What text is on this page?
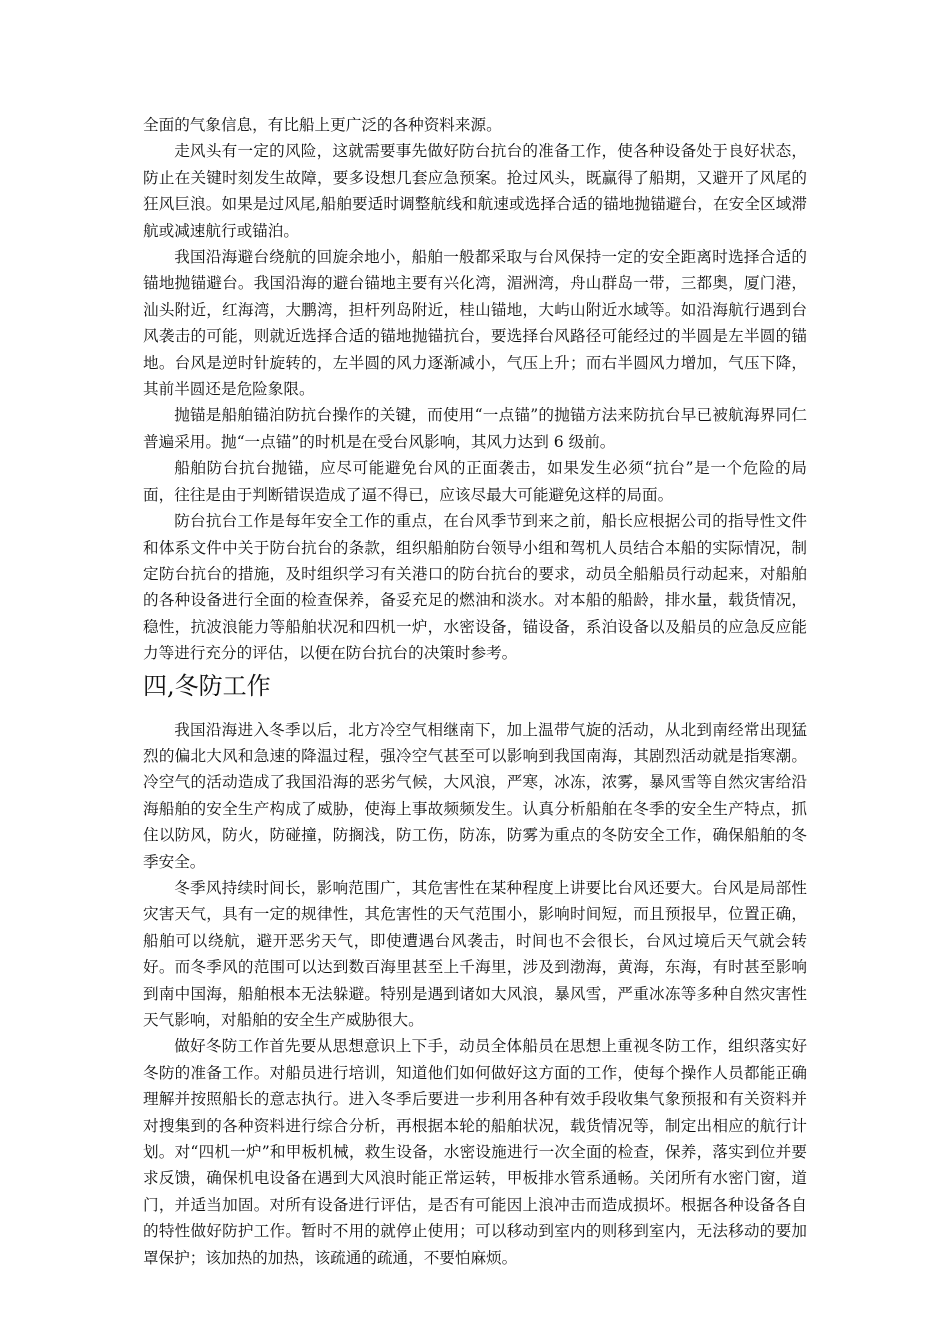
全面的气象信息，有比船上更广泛的各种资料来源。

走风头有一定的风险，这就需要事先做好防台抗台的准备工作，使各种设备处于良好状态，防止在关键时刻发生故障，要多设想几套应急预案。抢过风头，既赢得了船期，又避开了风尾的狂风巨浪。如果是过风尾,船舶要适时调整航线和航速或选择合适的锚地抛锚避台，在安全区域滞航或减速航行或锚泊。

我国沿海避台绕航的回旋余地小，船舶一般都采取与台风保持一定的安全距离时选择合适的锚地抛锚避台。我国沿海的避台锚地主要有兴化湾，湄洲湾，舟山群岛一带，三都奥，厦门港，汕头附近，红海湾，大鹏湾，担杆列岛附近，桂山锚地，大屿山附近水域等。如沿海航行遇到台风袭击的可能，则就近选择合适的锚地抛锚抗台，要选择台风路径可能经过的半圆是左半圆的锚地。台风是逆时针旋转的，左半圆的风力逐渐减小，气压上升；而右半圆风力增加，气压下降，其前半圆还是危险象限。

抛锚是船舶锚泊防抗台操作的关键，而使用“一点锚”的抛锚方法来防抗台早已被航海界同仁普遍采用。抛“一点锚”的时机是在受台风影响，其风力达到 6 级前。

船舶防台抗台抛锚，应尽可能避免台风的正面袭击，如果发生必须“抗台”是一个危险的局面，往往是由于判断错误造成了逼不得已，应该尽最大可能避免这样的局面。

防台抗台工作是每年安全工作的重点，在台风季节到来之前，船长应根据公司的指导性文件和体系文件中关于防台抗台的条款，组织船舶防台领导小组和驾机人员结合本船的实际情况，制定防台抗台的措施，及时组织学习有关港口的防台抗台的要求，动员全船船员行动起来，对船舶的各种设备进行全面的检查保养，备妥充足的燃油和淡水。对本船的船龄，排水量，载货情况，稳性，抗波浪能力等船舶状况和四机一炉，水密设备，锚设备，系泊设备以及船员的应急反应能力等进行充分的评估，以便在防台抗台的决策时参考。

四,冬防工作

我国沿海进入冬季以后，北方冷空气相继南下，加上温带气旋的活动，从北到南经常出现猛烈的偏北大风和急速的降温过程，强冷空气甚至可以影响到我国南海，其剧烈活动就是指寒潮。冷空气的活动造成了我国沿海的恶劣气候，大风浪，严寒，冰冻，浓雾，暴风雪等自然灾害给沿海船舶的安全生产构成了威胁，使海上事故频频发生。认真分析船舶在冬季的安全生产特点，抓住以防风，防火，防碰撞，防搁浅，防工伤，防冻，防雾为重点的冬防安全工作，确保船舶的冬季安全。

冬季风持续时间长，影响范围广，其危害性在某种程度上讲要比台风还要大。台风是局部性灾害天气，具有一定的规律性，其危害性的天气范围小，影响时间短，而且预报早，位置正确，船舶可以绕航，避开恶劣天气，即使遭遇台风袭击，时间也不会很长，台风过境后天气就会转好。而冬季风的范围可以达到数百海里甚至上千海里，涉及到渤海，黄海，东海，有时甚至影响到南中国海，船舶根本无法躲避。特别是遇到诸如大风浪，暴风雪，严重冰冻等多种自然灾害性天气影响，对船舶的安全生产威胁很大。

做好冬防工作首先要从思想意识上下手，动员全体船员在思想上重视冬防工作，组织落实好冬防的准备工作。对船员进行培训，知道他们如何做好这方面的工作，使每个操作人员都能正确理解并按照船长的意志执行。进入冬季后要进一步利用各种有效手段收集气象预报和有关资料并对搜集到的各种资料进行综合分析，再根据本轮的船舶状况，载货情况等，制定出相应的航行计划。对“四机一炉”和甲板机械，救生设备，水密设施进行一次全面的检查，保养，落实到位并要求反馈，确保机电设备在遇到大风浪时能正常运转，甲板排水管系通畅。关闭所有水密门窗，道门，并适当加固。对所有设备进行评估，是否有可能因上浪冲击而造成损坏。根据各种设备各自的特性做好防护工作。暂时不用的就停止使用；可以移动到室内的则移到室内，无法移动的要加罩保护；该加热的加热，该疏通的疏通，不要怕麻烦。
